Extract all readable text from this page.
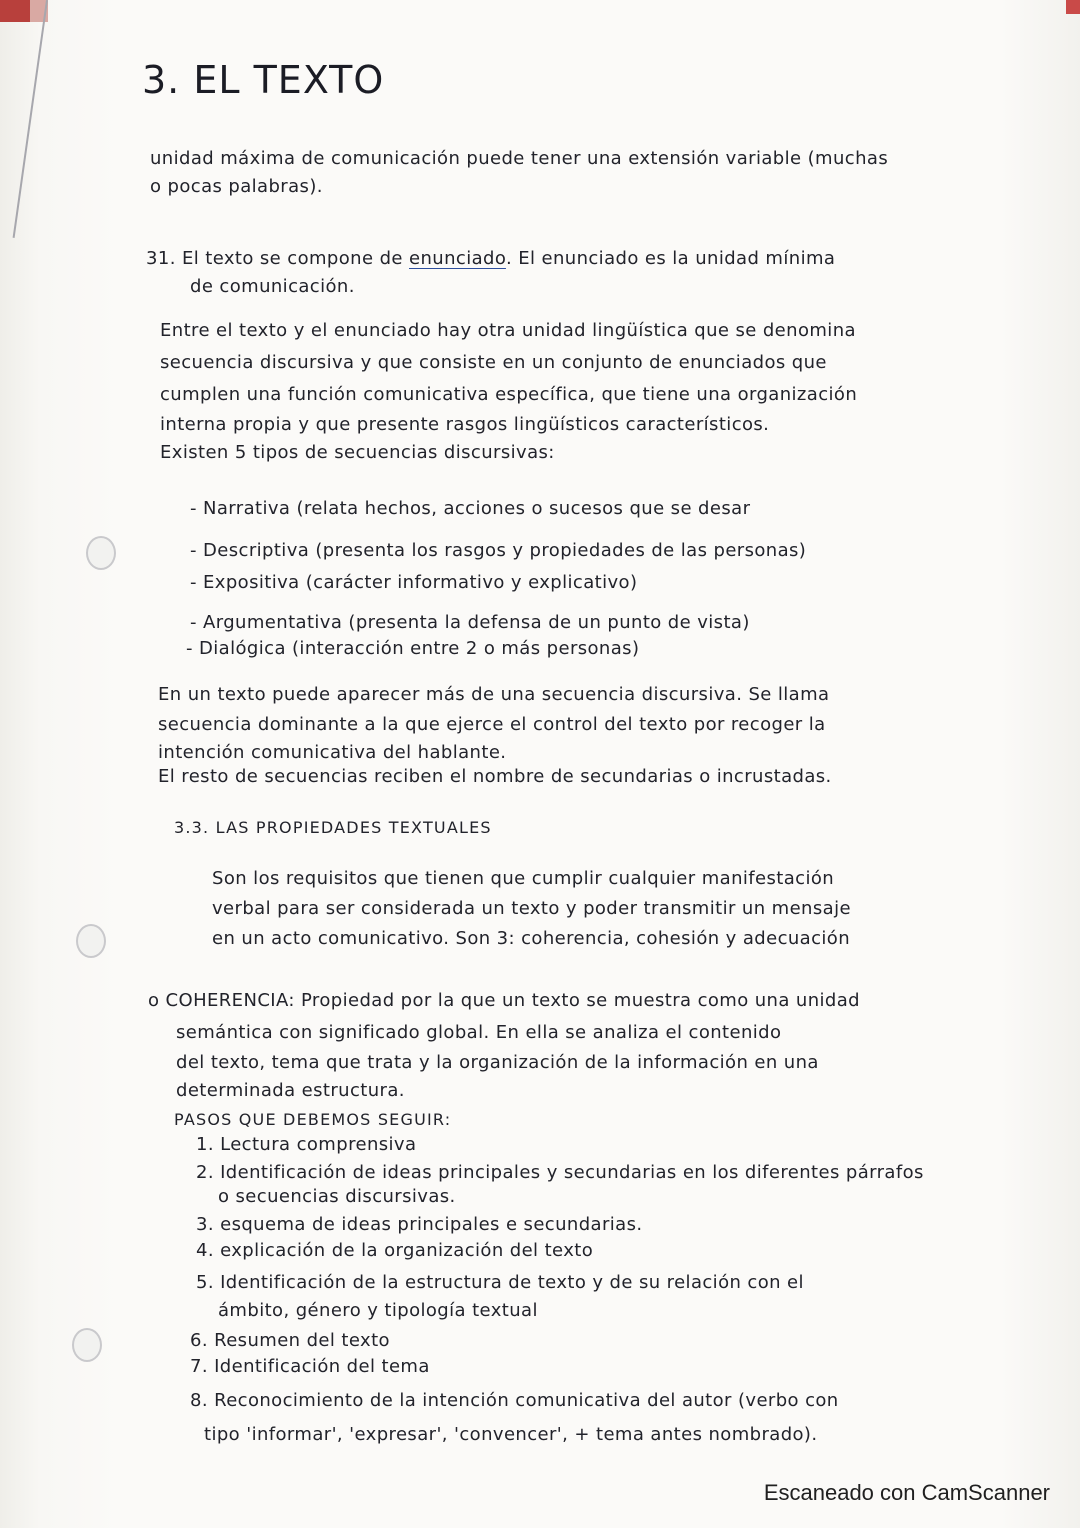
3. EL TEXTO
unidad máxima de comunicación puede tener una extensión variable (muchas
o pocas palabras).
31. El texto se compone de enunciado. El enunciado es la unidad mínima
de comunicación.
Entre el texto y el enunciado hay otra unidad lingüística que se denomina
secuencia discursiva y que consiste en un conjunto de enunciados que
cumplen una función comunicativa específica, que tiene una organización
interna propia y que presente rasgos lingüísticos característicos.
Existen 5 tipos de secuencias discursivas:
- Narrativa (relata hechos, acciones o sucesos que se desar
- Descriptiva (presenta los rasgos y propiedades de las personas)
- Expositiva (carácter informativo y explicativo)
- Argumentativa (presenta la defensa de un punto de vista)
- Dialógica (interacción entre 2 o más personas)
En un texto puede aparecer más de una secuencia discursiva. Se llama
secuencia dominante a la que ejerce el control del texto por recoger la
intención comunicativa del hablante.
El resto de secuencias reciben el nombre de secundarias o incrustadas.
3.3. LAS PROPIEDADES TEXTUALES
Son los requisitos que tienen que cumplir cualquier manifestación
verbal para ser considerada un texto y poder transmitir un mensaje
en un acto comunicativo. Son 3: coherencia, cohesión y adecuación
o COHERENCIA: Propiedad por la que un texto se muestra como una unidad
semántica con significado global. En ella se analiza el contenido
del texto, tema que trata y la organización de la información en una
determinada estructura.
PASOS QUE DEBEMOS SEGUIR:
1. Lectura comprensiva
2. Identificación de ideas principales y secundarias en los diferentes párrafos
o secuencias discursivas.
3. esquema de ideas principales e secundarias.
4. explicación de la organización del texto
5. Identificación de la estructura de texto y de su relación con el
ámbito, género y tipología textual
6. Resumen del texto
7. Identificación del tema
8. Reconocimiento de la intención comunicativa del autor (verbo con
tipo 'informar', 'expresar', 'convencer', + tema antes nombrado).
Escaneado con CamScanner
